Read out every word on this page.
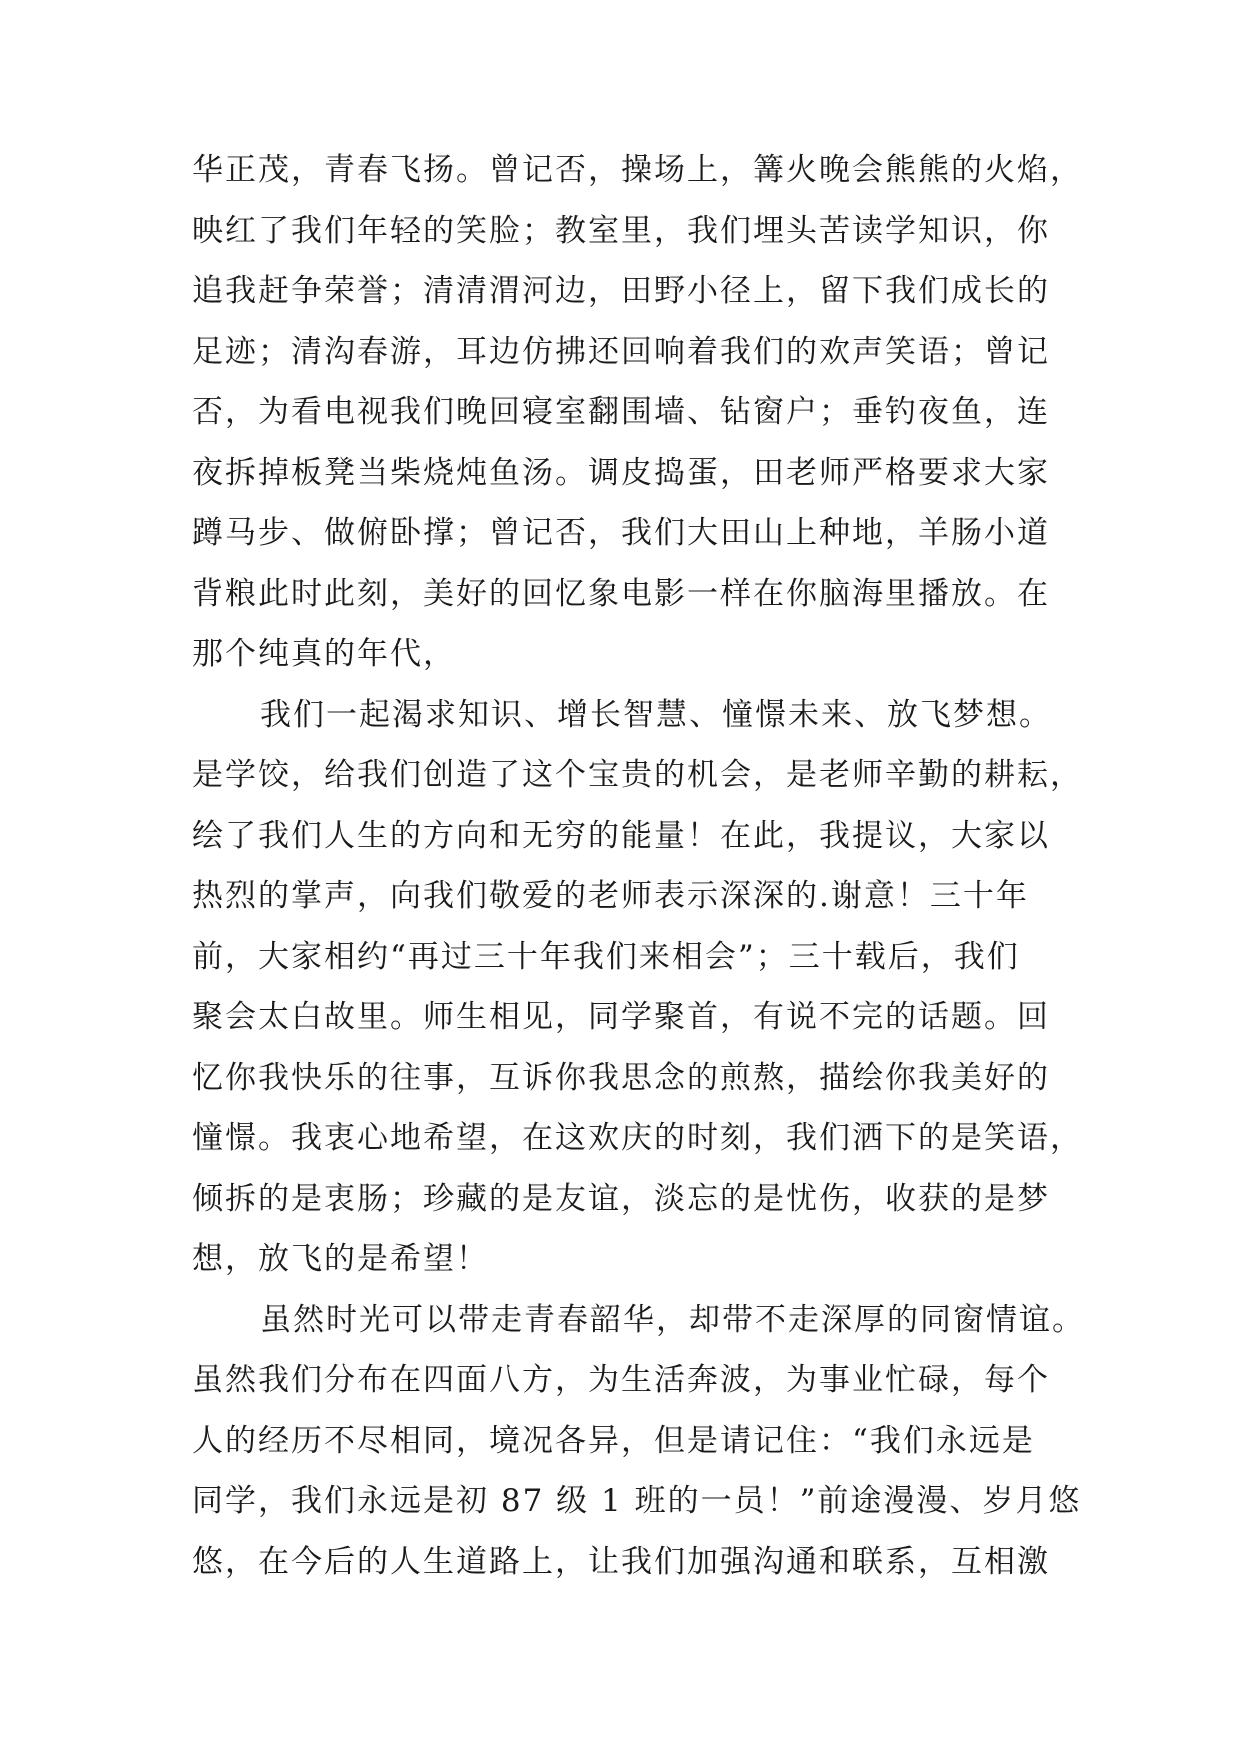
华正茂，青春飞扬。曾记否，操场上，篝火晚会熊熊的火焰，
映红了我们年轻的笑脸；教室里，我们埋头苦读学知识，你
追我赶争荣誉；清清渭河边，田野小径上，留下我们成长的
足迹；清沟春游，耳边仿拂还回响着我们的欢声笑语；曾记
否，为看电视我们晚回寝室翻围墙、钻窗户；垂钓夜鱼，连
夜拆掉板凳当柴烧炖鱼汤。调皮捣蛋，田老师严格要求大家
蹲马步、做俯卧撑；曾记否，我们大田山上种地，羊肠小道
背粮此时此刻，美好的回忆象电影一样在你脑海里播放。在
那个纯真的年代，
我们一起渴求知识、增长智慧、憧憬未来、放飞梦想。
是学饺，给我们创造了这个宝贵的机会，是老师辛勤的耕耘，
绘了我们人生的方向和无穷的能量！在此，我提议，大家以
热烈的掌声，向我们敬爱的老师表示深深的.谢意！三十年
前，大家相约“再过三十年我们来相会”；三十载后，我们
聚会太白故里。师生相见，同学聚首，有说不完的话题。回
忆你我快乐的往事，互诉你我思念的煎熬，描绘你我美好的
憧憬。我衷心地希望，在这欢庆的时刻，我们洒下的是笑语，
倾拆的是衷肠；珍藏的是友谊，淡忘的是忧伤，收获的是梦
想，放飞的是希望！
虽然时光可以带走青春韶华，却带不走深厚的同窗情谊。
虽然我们分布在四面八方，为生活奔波，为事业忙碌，每个
人的经历不尽相同，境况各异，但是请记住：“我们永远是
同学，我们永远是初 87 级 1 班的一员！”前途漫漫、岁月悠
悠，在今后的人生道路上，让我们加强沟通和联系，互相激
